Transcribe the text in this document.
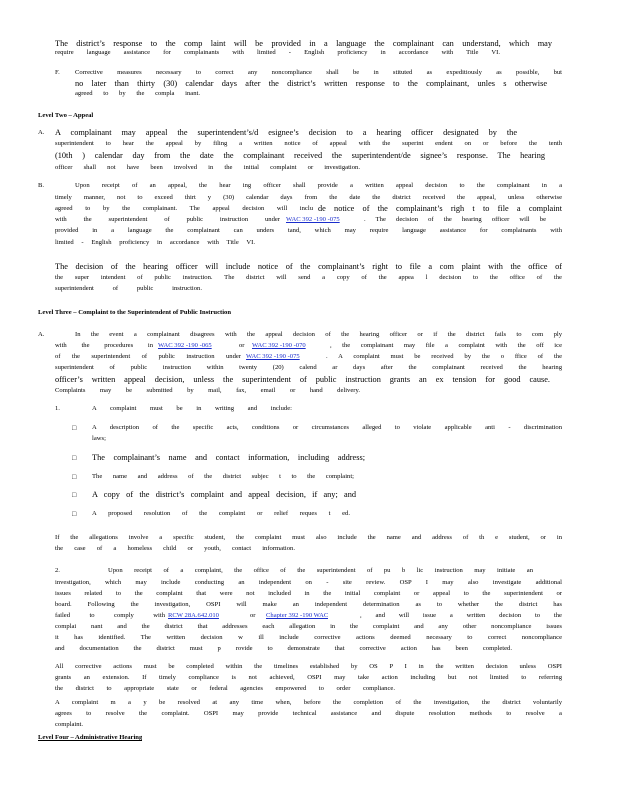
The district’s response to the comp laint will be provided in a language the complainant can understand, which may
require language assistance for complainants with limited - English proficiency in accordance with Title VI.
F.	Corrective measures necessary to correct any noncompliance shall be in stituted as expeditiously as possible, but
no later than thirty (30) calendar days after the district’s written response to the complainant, unles s otherwise
agreed to by the compla inant.
Level Two – Appeal
A.	A complainant may appeal the superintendent’s/d esignee’s decision to a hearing officer designated by the
superintendent to hear the appeal by filing a written notice of appeal with the superint endent on or before the tenth
(10th ) calendar day from the date the complainant received the superintendent/de signee’s response. The hearing
officer shall not have been involved in the initial complaint or investigation.
B.	Upon receipt of an appeal, the hear ing officer shall provide a written appeal decision to the complainant in a
timely manner, not to exceed thirt y (30) calendar days from the date the district received the appeal, unless otherwise
agreed to by the complainant. The appeal decision will inclu de notice of the complainant’s righ t to file a complaint
with the superintendent of public instruction under WAC 392 -190 -075	. The decision of the hearing officer will be
provided in a language the complainant can unders tand, which may require language assistance for complainants with
limited - English proficiency in accordance with Title VI.
The decision of the hearing officer will include notice of the complainant’s right to file a com plaint with the office of
the super intendent of public instruction. The district will send a copy of the appea l decision to the office of the
superintendent of public instruction.
Level Three – Complaint to the Superintendent of Public Instruction
A.	In the event a complainant disagrees with the appeal decision of the hearing officer or if the district fails to com ply
with the procedures in WAC 392 -190 -065	or WAC 392 -190 -070	, the complainant may file a complaint with the off ice
of the superintendent of public instruction under WAC 392 -190 -075	. A complaint must be received by the o ffice of the
superintendent of public instruction within twenty (20) calend ar days after the complainant received the hearing
officer’s written appeal decision, unless the superintendent of public instruction grants an ex tension for good cause.
Complaints may be submitted by mail, fax, email or hand delivery.
1.	A complaint must be in writing and include:
□ A description of the specific acts, conditions or circumstances alleged to violate applicable anti - discrimination
laws;
□ The complainant’s name and contact information, including address;
□ The name and address of the district subjec t to the complaint;
□ A copy of the district’s complaint and appeal decision, if any; and
□ A proposed resolution of the complaint or relief reques t ed.
If the allegations involve a specific student, the complaint must also include the name and address of th e student, or in
the case of a homeless child or youth, contact information.
2.	Upon receipt of a complaint, the office of the superintendent of pu b lic instruction may initiate an
investigation, which may include conducting an independent on - site review. OSP I may also investigate additional
issues related to the complaint that were not included in the initial complaint or appeal to the superintendent or
board. Following the investigation, OSPI will make an independent determination as to whether the district has
failed to comply with RCW 28A.642.010	or Chapter 392 -190 WAC	, and will issue a written decision to the
complai nant and the district that addresses each allegation in the complaint and any other noncompliance issues
it has identified. The written decision w ill include corrective actions deemed necessary to correct noncompliance
and documentation the district must p rovide to demonstrate that corrective action has been completed.
All corrective actions must be completed within the timelines established by OS P I in the written decision unless OSPI
grants an extension. If timely compliance is not achieved, OSPI may take action including but not limited to referring
the district to appropriate state or federal agencies empowered to order compliance.
A complaint m a y be resolved at any time when, before the completion of the investigation, the district voluntarily
agrees to resolve the complaint. OSPI may provide technical assistance and dispute resolution methods to resolve a
complaint.
Level Four – Administrative Hearing
